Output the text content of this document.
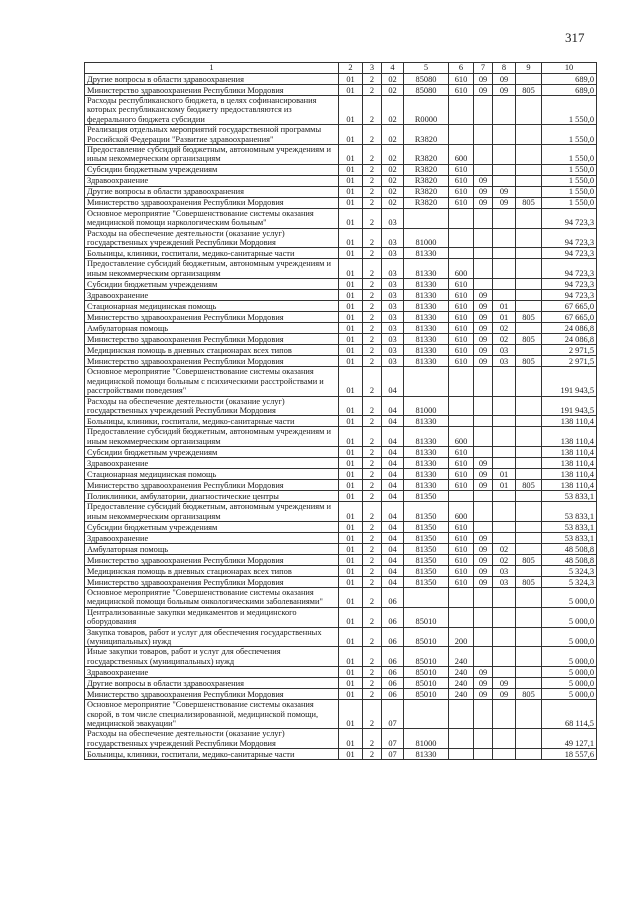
317
1	2	3	4	5	6	7	8	9	10
Другие вопросы в области здравоохранения	01	2	02	85080	610	09	09		689,0
Министерство здравоохранения Республики Мордовия	01	2	02	85080	610	09	09	805	689,0
Расходы республиканского бюджета, в целях софинансирования которых республиканскому бюджету предоставляются из федерального бюджета субсидии	01	2	02	R0000					1 550,0
Реализация отдельных мероприятий государственной программы Российской Федерации "Развитие здравоохранения"	01	2	02	R3820					1 550,0
Предоставление субсидий бюджетным, автономным учреждениям и иным некоммерческим организациям	01	2	02	R3820	600				1 550,0
Субсидии бюджетным учреждениям	01	2	02	R3820	610				1 550,0
Здравоохранение	01	2	02	R3820	610	09			1 550,0
Другие вопросы в области здравоохранения	01	2	02	R3820	610	09	09		1 550,0
Министерство здравоохранения Республики Мордовия	01	2	02	R3820	610	09	09	805	1 550,0
Основное мероприятие "Совершенствование системы оказания медицинской помощи наркологическим больным"	01	2	03						94 723,3
Расходы на обеспечение деятельности (оказание услуг) государственных учреждений Республики Мордовия	01	2	03	81000					94 723,3
Больницы, клиники, госпитали, медико-санитарные части	01	2	03	81330					94 723,3
Предоставление субсидий бюджетным, автономным учреждениям и иным некоммерческим организациям	01	2	03	81330	600				94 723,3
Субсидии бюджетным учреждениям	01	2	03	81330	610				94 723,3
Здравоохранение	01	2	03	81330	610	09			94 723,3
Стационарная медицинская помощь	01	2	03	81330	610	09	01		67 665,0
Министерство здравоохранения Республики Мордовия	01	2	03	81330	610	09	01	805	67 665,0
Амбулаторная помощь	01	2	03	81330	610	09	02		24 086,8
Министерство здравоохранения Республики Мордовия	01	2	03	81330	610	09	02	805	24 086,8
Медицинская помощь в дневных стационарах всех типов	01	2	03	81330	610	09	03		2 971,5
Министерство здравоохранения Республики Мордовия	01	2	03	81330	610	09	03	805	2 971,5
Основное мероприятие "Совершенствование системы оказания медицинской помощи больным с психическими расстройствами и расстройствами поведения"	01	2	04						191 943,5
Расходы на обеспечение деятельности (оказание услуг) государственных учреждений Республики Мордовия	01	2	04	81000					191 943,5
Больницы, клиники, госпитали, медико-санитарные части	01	2	04	81330					138 110,4
Предоставление субсидий бюджетным, автономным учреждениям и иным некоммерческим организациям	01	2	04	81330	600				138 110,4
Субсидии бюджетным учреждениям	01	2	04	81330	610				138 110,4
Здравоохранение	01	2	04	81330	610	09			138 110,4
Стационарная медицинская помощь	01	2	04	81330	610	09	01		138 110,4
Министерство здравоохранения Республики Мордовия	01	2	04	81330	610	09	01	805	138 110,4
Поликлиники, амбулатории, диагностические центры	01	2	04	81350					53 833,1
Предоставление субсидий бюджетным, автономным учреждениям и иным некоммерческим организациям	01	2	04	81350	600				53 833,1
Субсидии бюджетным учреждениям	01	2	04	81350	610				53 833,1
Здравоохранение	01	2	04	81350	610	09			53 833,1
Амбулаторная помощь	01	2	04	81350	610	09	02		48 508,8
Министерство здравоохранения Республики Мордовия	01	2	04	81350	610	09	02	805	48 508,8
Медицинская помощь в дневных стационарах всех типов	01	2	04	81350	610	09	03		5 324,3
Министерство здравоохранения Республики Мордовия	01	2	04	81350	610	09	03	805	5 324,3
Основное мероприятие "Совершенствование системы оказания медицинской помощи больным онкологическими заболеваниями"	01	2	06						5 000,0
Централизованные закупки медикаментов и медицинского оборудования	01	2	06	85010					5 000,0
Закупка товаров, работ и услуг для обеспечения государственных (муниципальных) нужд	01	2	06	85010	200				5 000,0
Иные закупки товаров, работ и услуг для обеспечения государственных (муниципальных) нужд	01	2	06	85010	240				5 000,0
Здравоохранение	01	2	06	85010	240	09			5 000,0
Другие вопросы в области здравоохранения	01	2	06	85010	240	09	09		5 000,0
Министерство здравоохранения Республики Мордовия	01	2	06	85010	240	09	09	805	5 000,0
Основное мероприятие "Совершенствование системы оказания скорой, в том числе специализированной, медицинской помощи, медицинской эвакуации"	01	2	07						68 114,5
Расходы на обеспечение деятельности (оказание услуг) государственных учреждений Республики Мордовия	01	2	07	81000					49 127,1
Больницы, клиники, госпитали, медико-санитарные части	01	2	07	81330					18 557,6
